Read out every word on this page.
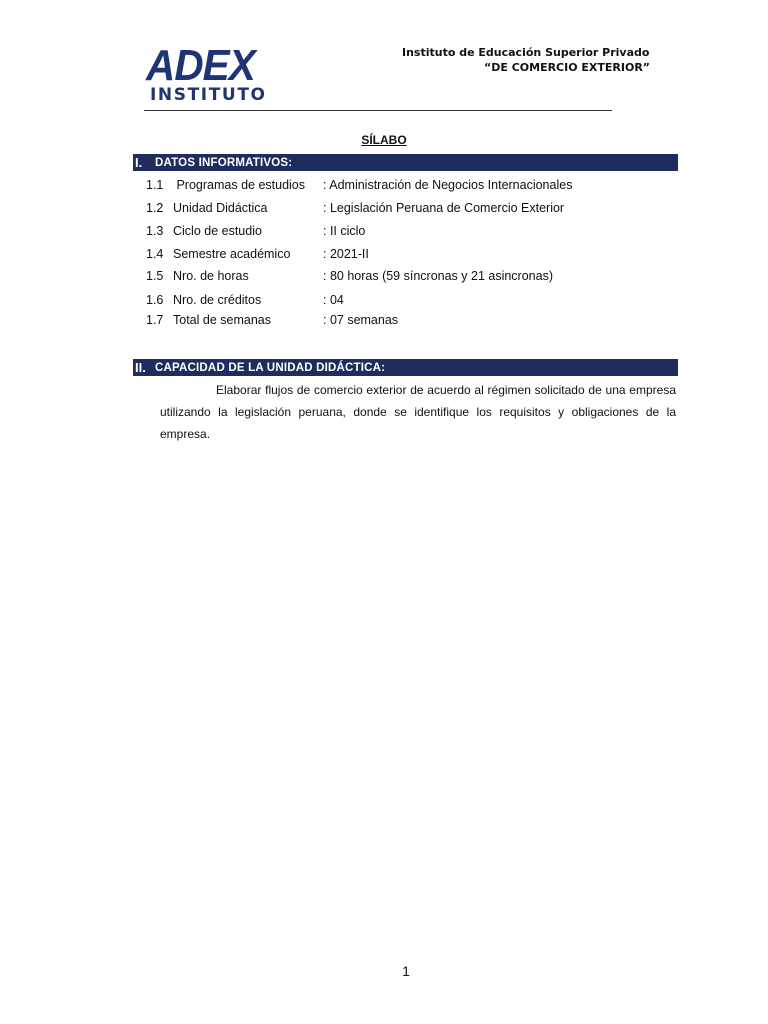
ADEX
INSTITUTO
Instituto de Educación Superior Privado
“DE COMERCIO EXTERIOR”
SÍLABO
I.	DATOS INFORMATIVOS:
1.1 Programas de estudios : Administración de Negocios Internacionales
1.2 Unidad Didáctica	: Legislación Peruana de Comercio Exterior
1.3 Ciclo de estudio	: II ciclo
1.4 Semestre académico	: 2021-II
1.5 Nro. de horas	: 80 horas (59 síncronas y 21 asincronas)
1.6 Nro. de créditos	: 04
1.7 Total de semanas	: 07 semanas
II. CAPACIDAD DE LA UNIDAD DIDÁCTICA:
Elaborar flujos de comercio exterior de acuerdo al régimen solicitado de una empresa utilizando la legislación peruana, donde se identifique los requisitos y obligaciones de la empresa.
1
